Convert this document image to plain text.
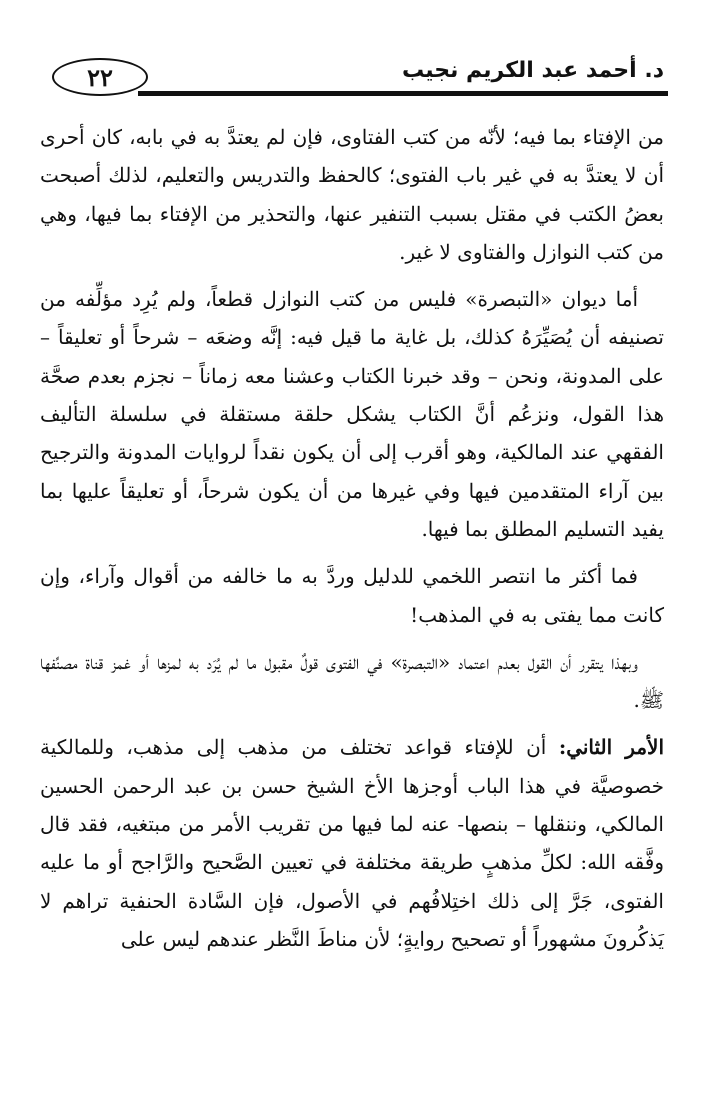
٢٢	د. أحمد عبد الكريم نجيب

من الإفتاء بما فيه؛ لأنّه من كتب الفتاوى، فإن لم يعتدَّ به في بابه، كان أحرى أن لا يعتدَّ به في غير باب الفتوى؛ كالحفظ والتدريس والتعليم، لذلك أصبحت بعضُ الكتب في مقتل بسبب التنفير عنها، والتحذير من الإفتاء بما فيها، وهي من كتب النوازل والفتاوى لا غير.

أما ديوان «التبصرة» فليس من كتب النوازل قطعاً، ولم يُرِد مؤلِّفه من تصنيفه أن يُصَيِّرَهُ كذلك، بل غاية ما قيل فيه: إنَّه وضعَه – شرحاً أو تعليقاً – على المدونة، ونحن – وقد خبرنا الكتاب وعشنا معه زماناً – نجزم بعدم صحَّة هذا القول، ونزعُم أنَّ الكتاب يشكل حلقة مستقلة في سلسلة التأليف الفقهي عند المالكية، وهو أقرب إلى أن يكون نقداً لروايات المدونة والترجيح بين آراء المتقدمين فيها وفي غيرها من أن يكون شرحاً، أو تعليقاً عليها بما يفيد التسليم المطلق بما فيها.

فما أكثر ما انتصر اللخمي للدليل وردَّ به ما خالفه من أقوال وآراء، وإن كانت مما يفتى به في المذهب!

وبهذا يتقرر أن القول بعدم اعتماد «التبصرة» في الفتوى قولٌ مقبول ما لم يُرَد به لمزها أو غمز قناة مصنِّفها ﷺ.

الأمر الثاني: أن للإفتاء قواعد تختلف من مذهب إلى مذهب، وللمالكية خصوصيَّة في هذا الباب أوجزها الأخ الشيخ حسن بن عبد الرحمن الحسين المالكي، وننقلها – بنصها- عنه لما فيها من تقريب الأمر من مبتغيه، فقد قال وفَّقه الله: لكلِّ مذهبٍ طريقة مختلفة في تعيين الصَّحيح والرَّاجح أو ما عليه الفتوى، جَرَّ إلى ذلك اختِلافُهم في الأصول، فإن السَّادة الحنفية تراهم لا يَذكُرونَ مشهوراً أو تصحيح روايةٍ؛ لأن مناطَ النَّظر عندهم ليس على
